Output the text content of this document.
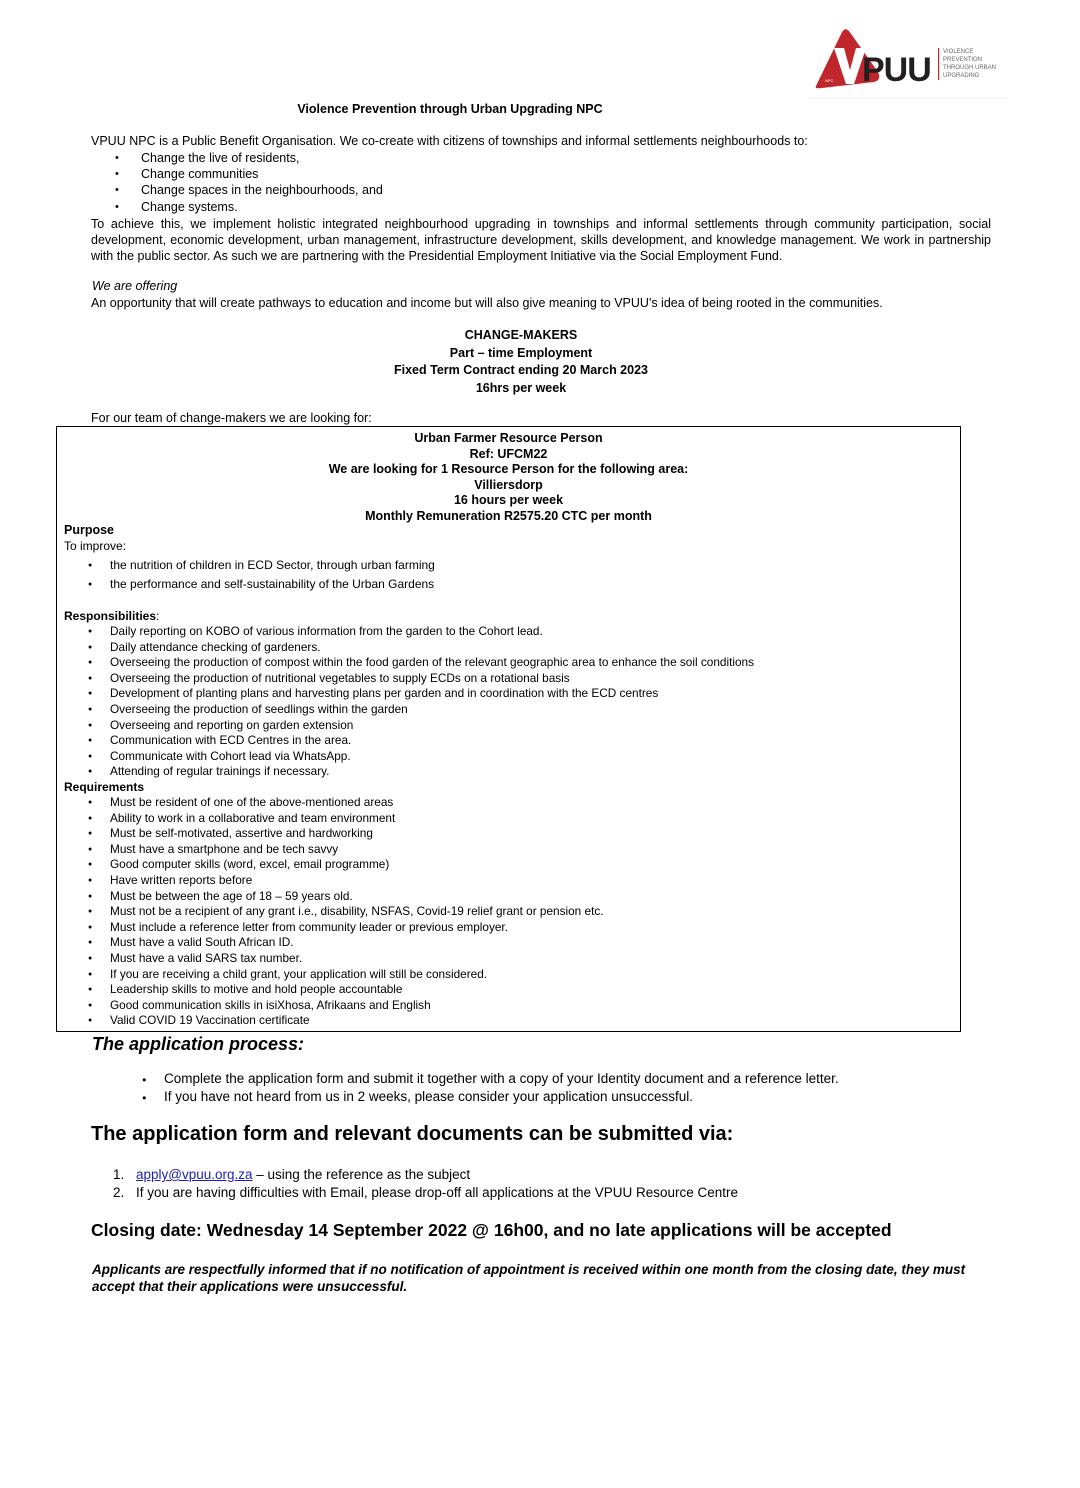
NPC PUU VIOLENCE
PREVENTION
THROUGH URBAN
UPGRADING
Violence Prevention through Urban Upgrading NPC
VPUU NPC is a Public Benefit Organisation. We co-create with citizens of townships and informal settlements neighbourhoods to:
• Change the live of residents,
• Change communities
• Change spaces in the neighbourhoods, and
• Change systems.
To achieve this, we implement holistic integrated neighbourhood upgrading in townships and informal settlements through community participation, social development, economic development, urban management, infrastructure development, skills development, and knowledge management. We work in partnership with the public sector. As such we are partnering with the Presidential Employment Initiative via the Social Employment Fund.
We are offering
An opportunity that will create pathways to education and income but will also give meaning to VPUU's idea of being rooted in the communities.
CHANGE-MAKERS
Part – time Employment
Fixed Term Contract ending 20 March 2023
16hrs per week
For our team of change-makers we are looking for:
Urban Farmer Resource Person
Ref: UFCM22
We are looking for 1 Resource Person for the following area:
Villiersdorp
16 hours per week
Monthly Remuneration R2575.20 CTC per month
Purpose
To improve:
● the nutrition of children in ECD Sector, through urban farming
● the performance and self-sustainability of the Urban Gardens
Responsibilities:
● Daily reporting on KOBO of various information from the garden to the Cohort lead.
● Daily attendance checking of gardeners.
● Overseeing the production of compost within the food garden of the relevant geographic area to enhance the soil conditions
● Overseeing the production of nutritional vegetables to supply ECDs on a rotational basis
● Development of planting plans and harvesting plans per garden and in coordination with the ECD centres
● Overseeing the production of seedlings within the garden
● Overseeing and reporting on garden extension
● Communication with ECD Centres in the area.
● Communicate with Cohort lead via WhatsApp.
● Attending of regular trainings if necessary.
Requirements
● Must be resident of one of the above-mentioned areas
● Ability to work in a collaborative and team environment
● Must be self-motivated, assertive and hardworking
● Must have a smartphone and be tech savvy
● Good computer skills (word, excel, email programme)
● Have written reports before
● Must be between the age of 18 – 59 years old.
● Must not be a recipient of any grant i.e., disability, NSFAS, Covid-19 relief grant or pension etc.
● Must include a reference letter from community leader or previous employer.
● Must have a valid South African ID.
● Must have a valid SARS tax number.
● If you are receiving a child grant, your application will still be considered.
● Leadership skills to motive and hold people accountable
● Good communication skills in isiXhosa, Afrikaans and English
● Valid COVID 19 Vaccination certificate
The application process:
● Complete the application form and submit it together with a copy of your Identity document and a reference letter.
● If you have not heard from us in 2 weeks, please consider your application unsuccessful.
The application form and relevant documents can be submitted via:
1. apply@vpuu.org.za – using the reference as the subject
2. If you are having difficulties with Email, please drop-off all applications at the VPUU Resource Centre
Closing date: Wednesday 14 September 2022 @ 16h00, and no late applications will be accepted
Applicants are respectfully informed that if no notification of appointment is received within one month from the closing date, they must accept that their applications were unsuccessful.
